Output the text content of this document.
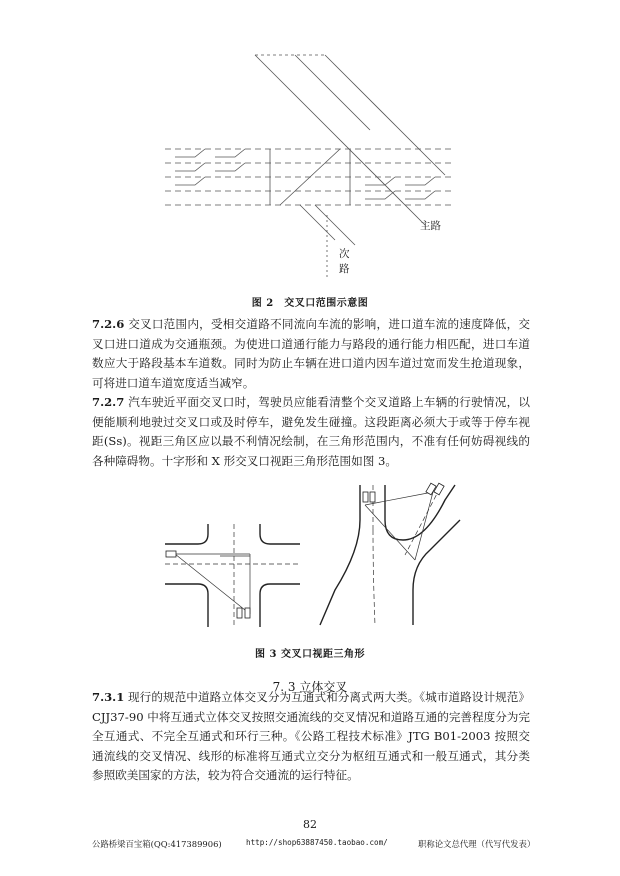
主路
次
路
图 2　交叉口范围示意图
7.2.6 交叉口范围内，受相交道路不同流向车流的影响，进口道车流的速度降低，交叉口进口道成为交通瓶颈。为使进口道通行能力与路段的通行能力相匹配，进口车道数应大于路段基本车道数。同时为防止车辆在进口道内因车道过宽而发生抢道现象，可将进口道车道宽度适当减窄。
7.2.7 汽车驶近平面交叉口时，驾驶员应能看清整个交叉道路上车辆的行驶情况，以便能顺利地驶过交叉口或及时停车，避免发生碰撞。这段距离必须大于或等于停车视距(Ss)。视距三角区应以最不利情况绘制，在三角形范围内，不准有任何妨碍视线的各种障碍物。十字形和 X 形交叉口视距三角形范围如图 3。
图 3 交叉口视距三角形
7. 3 立体交叉
7.3.1 现行的规范中道路立体交叉分为互通式和分离式两大类。《城市道路设计规范》CJJ37-90 中将互通式立体交叉按照交通流线的交叉情况和道路互通的完善程度分为完全互通式、不完全互通式和环行三种。《公路工程技术标准》JTG B01-2003 按照交通流线的交叉情况、线形的标准将互通式立交分为枢纽互通式和一般互通式，其分类参照欧美国家的方法，较为符合交通流的运行特征。
82
公路桥梁百宝箱(QQ:417389906)	http://shop63887450.taobao.com/	职称论文总代理（代写代发表）
